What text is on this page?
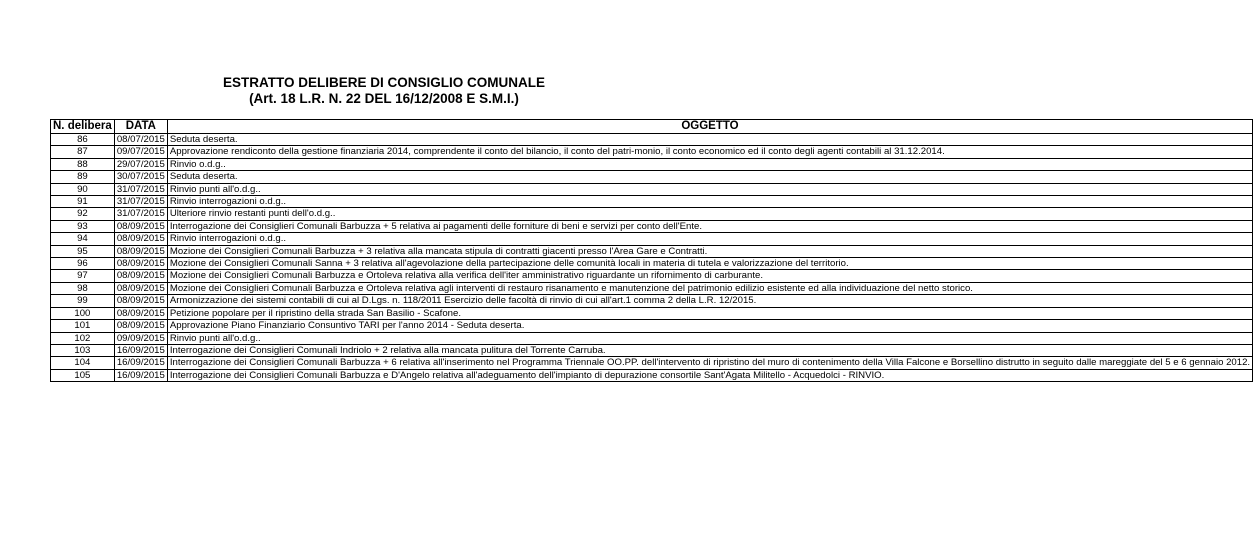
ESTRATTO DELIBERE DI CONSIGLIO COMUNALE
(Art. 18 L.R. N. 22 DEL 16/12/2008 E S.M.I.)
N. delibera	DATA	OGGETTO
86	08/07/2015	Seduta deserta.
87	09/07/2015	Approvazione rendiconto della gestione finanziaria 2014, comprendente il conto del bilancio, il conto del patri-monio, il conto economico ed il conto degli agenti contabili al 31.12.2014.
88	29/07/2015	Rinvio o.d.g..
89	30/07/2015	Seduta deserta.
90	31/07/2015	Rinvio punti all'o.d.g..
91	31/07/2015	Rinvio interrogazioni o.d.g..
92	31/07/2015	Ulteriore rinvio restanti punti dell'o.d.g..
93	08/09/2015	Interrogazione dei Consiglieri Comunali Barbuzza + 5 relativa ai pagamenti delle forniture di beni e servizi per conto dell'Ente.
94	08/09/2015	Rinvio interrogazioni o.d.g..
95	08/09/2015	Mozione dei Consiglieri Comunali Barbuzza + 3 relativa alla mancata stipula di contratti giacenti presso l'Area Gare e Contratti.
96	08/09/2015	Mozione dei Consiglieri Comunali Sanna + 3 relativa all'agevolazione della partecipazione delle comunità locali in materia di tutela e valorizzazione del territorio.
97	08/09/2015	Mozione dei Consiglieri Comunali Barbuzza e Ortoleva relativa alla verifica dell'iter amministrativo riguardante un rifornimento di carburante.
98	08/09/2015	Mozione dei Consiglieri Comunali Barbuzza e Ortoleva relativa agli interventi di restauro risanamento e manutenzione del patrimonio edilizio esistente ed alla individuazione del netto storico.
99	08/09/2015	Armonizzazione dei sistemi contabili di cui al D.Lgs. n. 118/2011 Esercizio delle facoltà di rinvio di cui all'art.1 comma 2 della L.R. 12/2015.
100	08/09/2015	Petizione popolare per il ripristino della strada San Basilio - Scafone.
101	08/09/2015	Approvazione Piano Finanziario Consuntivo TARI per l'anno 2014 - Seduta deserta.
102	09/09/2015	Rinvio punti all'o.d.g..
103	16/09/2015	Interrogazione dei Consiglieri Comunali Indriolo + 2 relativa alla mancata pulitura del Torrente Carruba.
104	16/09/2015	Interrogazione dei Consiglieri Comunali Barbuzza + 6 relativa all'inserimento nel Programma Triennale OO.PP. dell'intervento di ripristino del muro di contenimento della Villa Falcone e Borsellino distrutto in seguito dalle mareggiate del 5 e 6 gennaio 2012.
105	16/09/2015	Interrogazione dei Consiglieri Comunali Barbuzza e D'Angelo relativa all'adeguamento dell'impianto di depurazione consortile Sant'Agata Militello - Acquedolci - RINVIO.
